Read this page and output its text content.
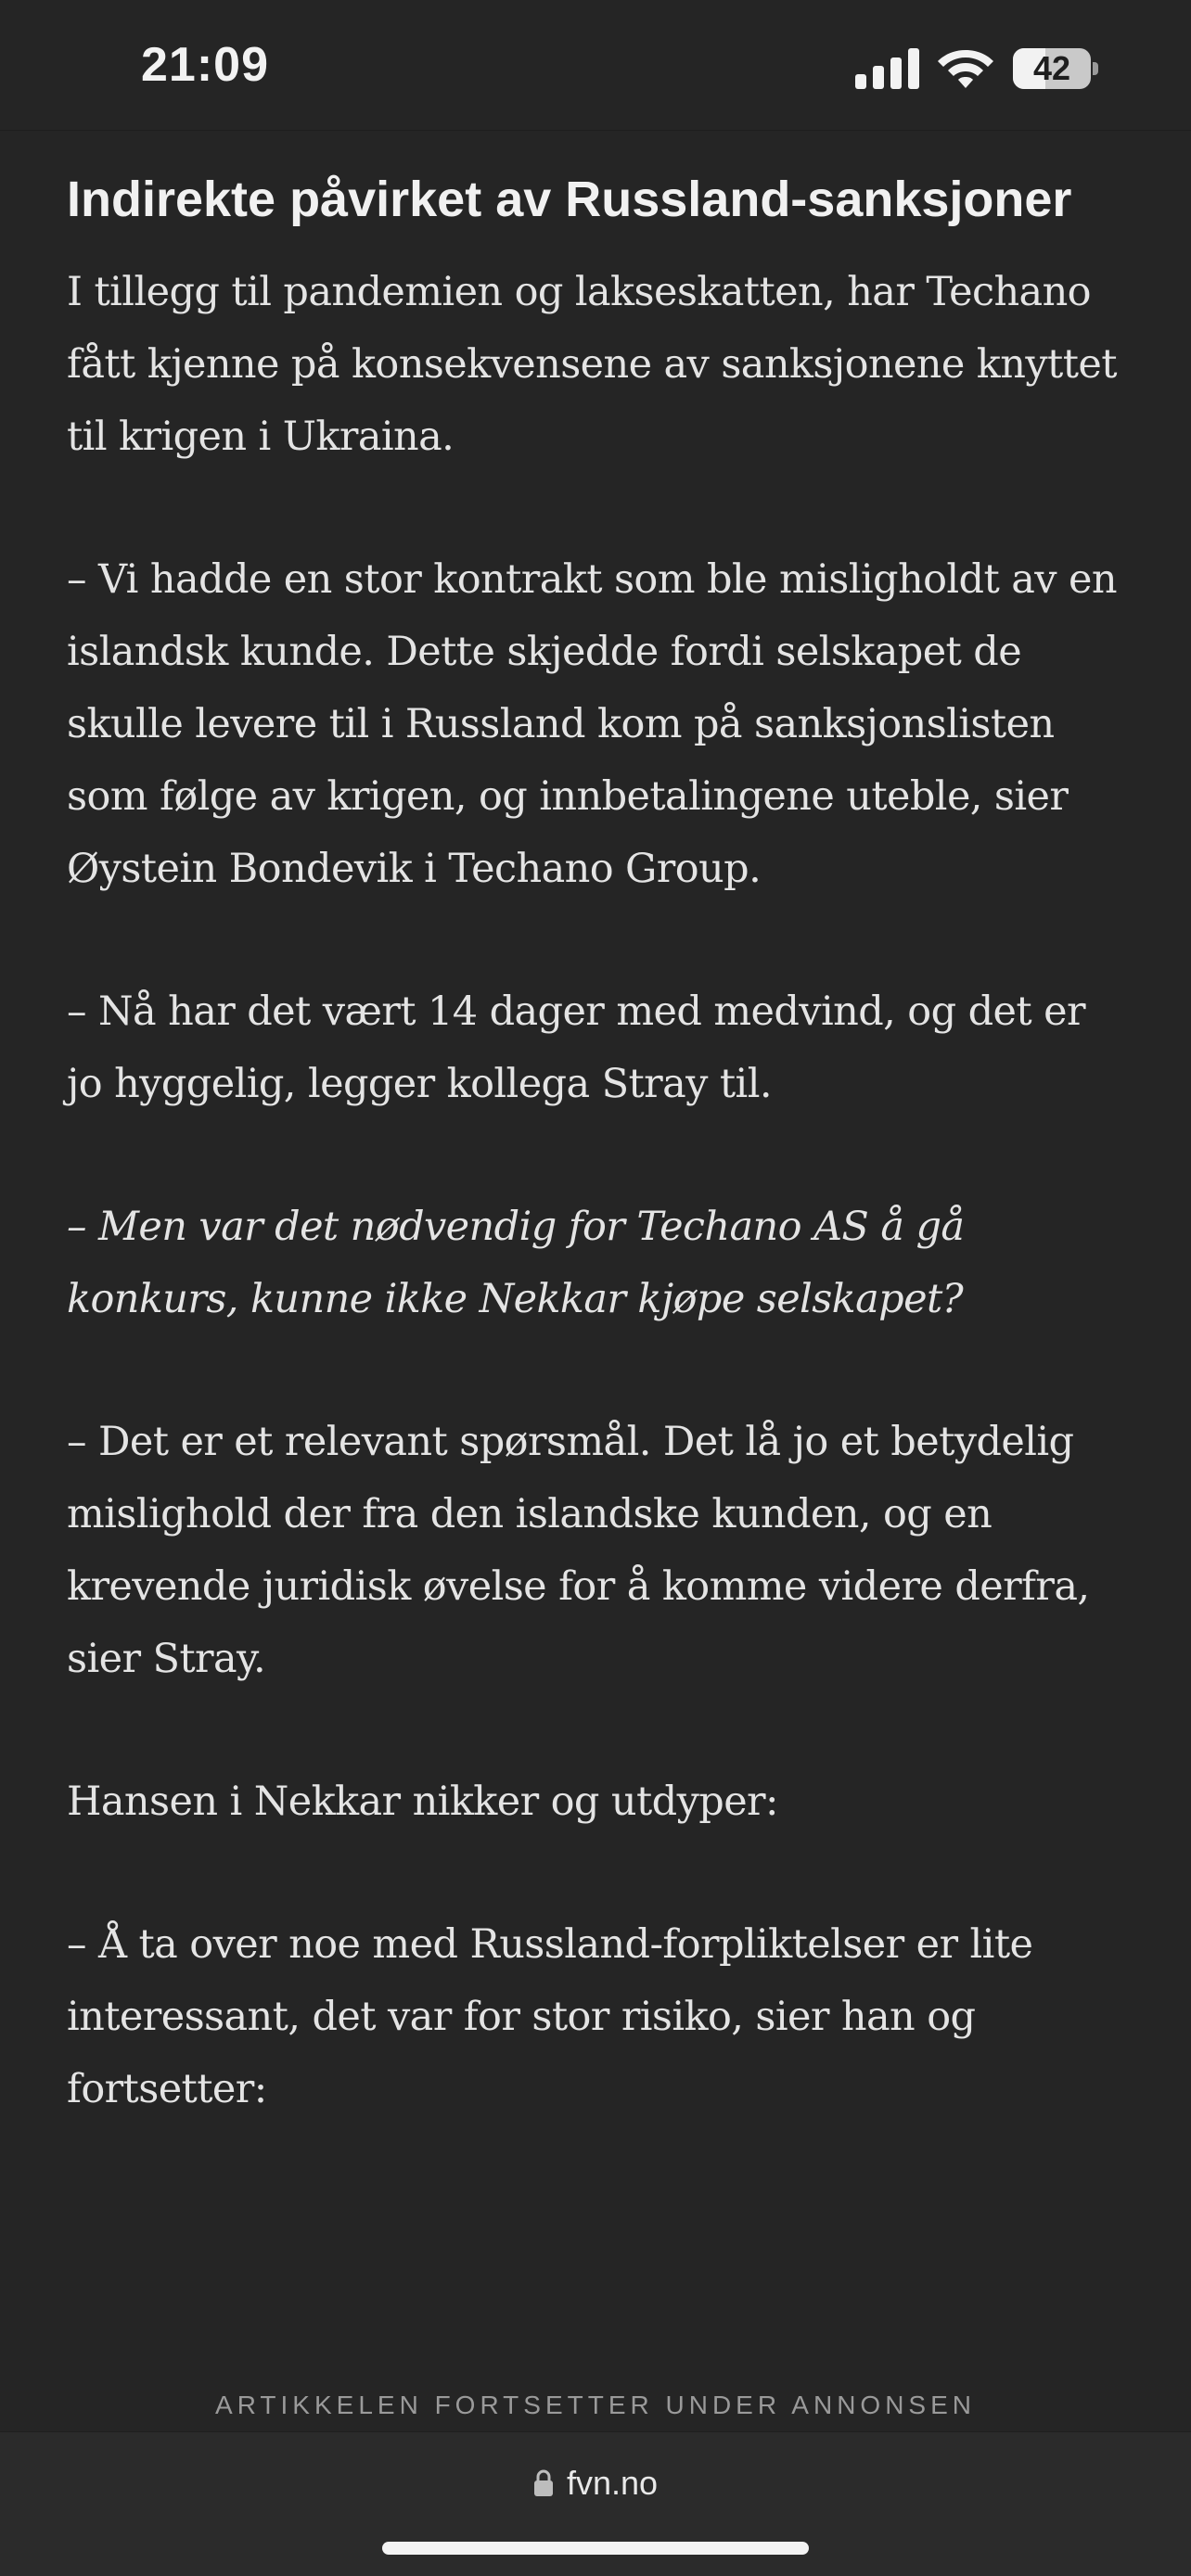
21:09	42
Indirekte påvirket av Russland-sanksjoner

I tillegg til pandemien og lakseskatten, har Techano fått kjenne på konsekvensene av sanksjonene knyttet til krigen i Ukraina.

– Vi hadde en stor kontrakt som ble misligholdt av en islandsk kunde. Dette skjedde fordi selskapet de skulle levere til i Russland kom på sanksjonslisten som følge av krigen, og innbetalingene uteble, sier Øystein Bondevik i Techano Group.

– Nå har det vært 14 dager med medvind, og det er jo hyggelig, legger kollega Stray til.

– Men var det nødvendig for Techano AS å gå konkurs, kunne ikke Nekkar kjøpe selskapet?

– Det er et relevant spørsmål. Det lå jo et betydelig mislighold der fra den islandske kunden, og en krevende juridisk øvelse for å komme videre derfra, sier Stray.

Hansen i Nekkar nikker og utdyper:

– Å ta over noe med Russland-forpliktelser er lite interessant, det var for stor risiko, sier han og fortsetter:

ARTIKKELEN FORTSETTER UNDER ANNONSEN
fvn.no
